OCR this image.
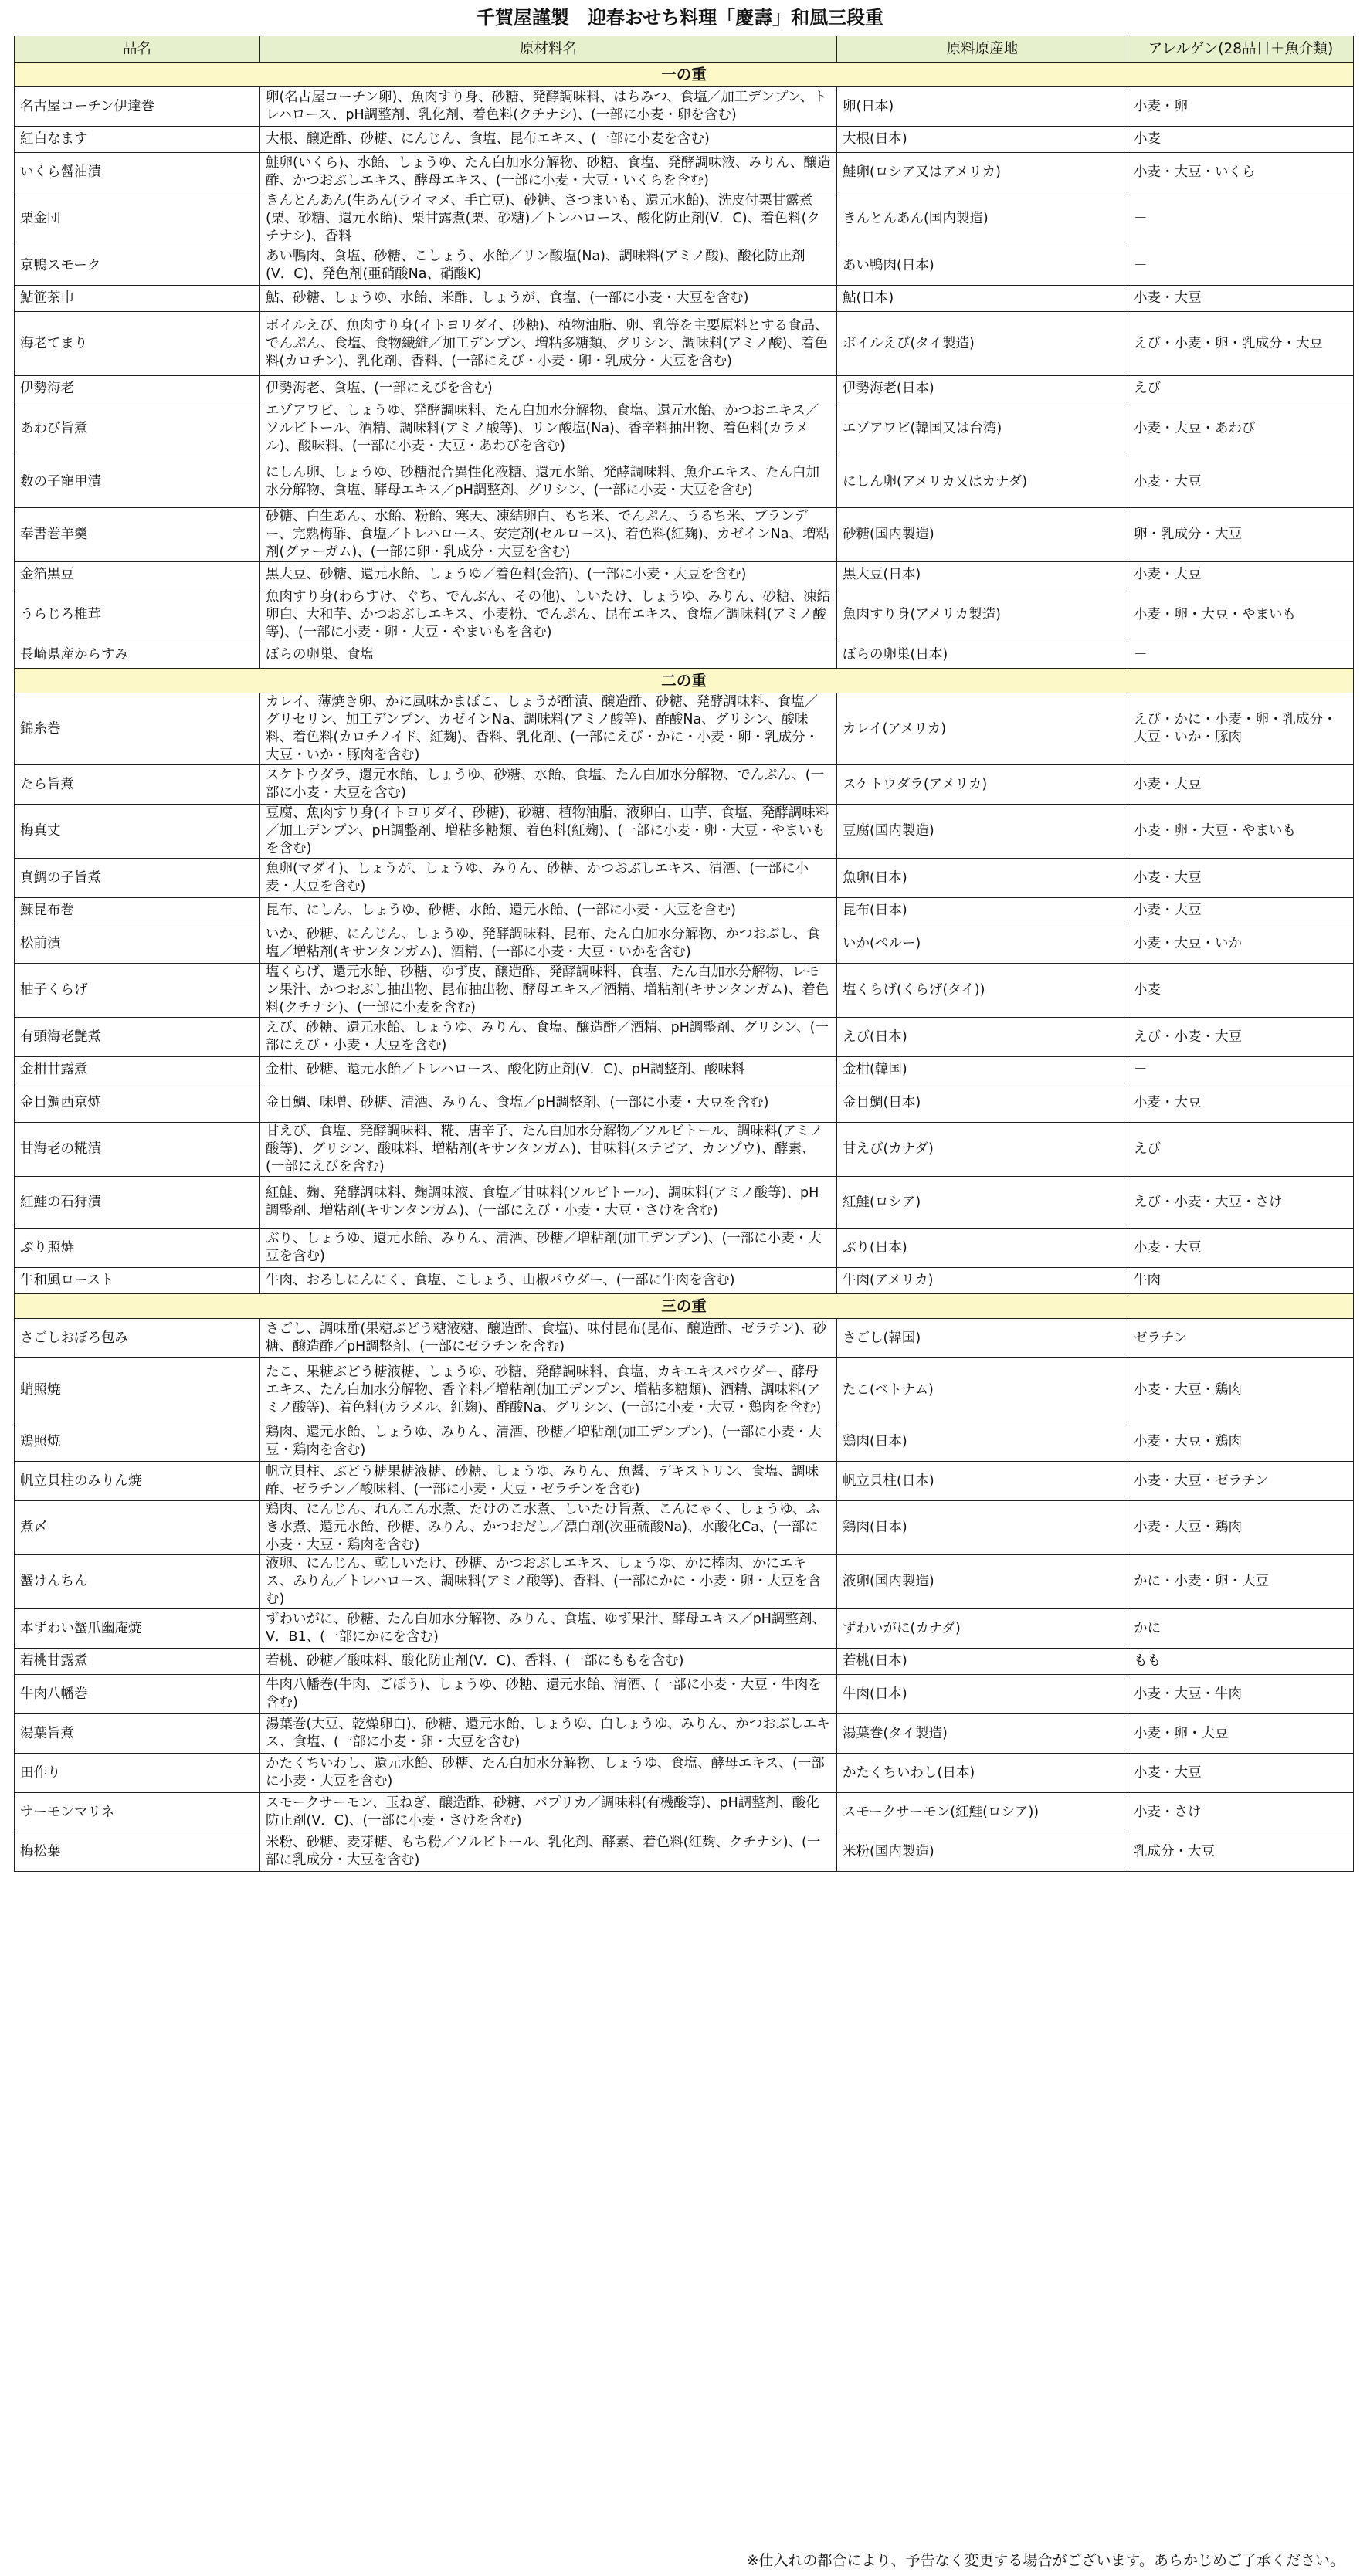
千賀屋謹製　迎春おせち料理「慶壽」和風三段重
品名	原材料名	原料原産地	アレルゲン(28品目＋魚介類)
一の重			
名古屋コーチン伊達巻	卵(名古屋コーチン卵)、魚肉すり身、砂糖、発酵調味料、はちみつ、食塩／加工デンプン、トレハロース、pH調整剤、乳化剤、着色料(クチナシ)、(一部に小麦・卵を含む)	卵(日本)	小麦・卵
紅白なます	大根、醸造酢、砂糖、にんじん、食塩、昆布エキス、(一部に小麦を含む)	大根(日本)	小麦
いくら醤油漬	鮭卵(いくら)、水飴、しょうゆ、たん白加水分解物、砂糖、食塩、発酵調味液、みりん、醸造酢、かつおぶしエキス、酵母エキス、(一部に小麦・大豆・いくらを含む)	鮭卵(ロシア又はアメリカ)	小麦・大豆・いくら
栗金団	きんとんあん(生あん(ライマメ、手亡豆)、砂糖、さつまいも、還元水飴)、洗皮付栗甘露煮(栗、砂糖、還元水飴)、栗甘露煮(栗、砂糖)／トレハロース、酸化防止剤(V．C)、着色料(クチナシ)、香料	きんとんあん(国内製造)	－
京鴨スモーク	あい鴨肉、食塩、砂糖、こしょう、水飴／リン酸塩(Na)、調味料(アミノ酸)、酸化防止剤(V．C)、発色剤(亜硝酸Na、硝酸K)	あい鴨肉(日本)	－
鮎笹茶巾	鮎、砂糖、しょうゆ、水飴、米酢、しょうが、食塩、(一部に小麦・大豆を含む)	鮎(日本)	小麦・大豆
海老てまり	ボイルえび、魚肉すり身(イトヨリダイ、砂糖)、植物油脂、卵、乳等を主要原料とする食品、でんぷん、食塩、食物繊維／加工デンプン、増粘多糖類、グリシン、調味料(アミノ酸)、着色料(カロチン)、乳化剤、香料、(一部にえび・小麦・卵・乳成分・大豆を含む)	ボイルえび(タイ製造)	えび・小麦・卵・乳成分・大豆
伊勢海老	伊勢海老、食塩、(一部にえびを含む)	伊勢海老(日本)	えび
あわび旨煮	エゾアワビ、しょうゆ、発酵調味料、たん白加水分解物、食塩、還元水飴、かつおエキス／ソルビトール、酒精、調味料(アミノ酸等)、リン酸塩(Na)、香辛料抽出物、着色料(カラメル)、酸味料、(一部に小麦・大豆・あわびを含む)	エゾアワビ(韓国又は台湾)	小麦・大豆・あわび
数の子寵甲漬	にしん卵、しょうゆ、砂糖混合異性化液糖、還元水飴、発酵調味料、魚介エキス、たん白加水分解物、食塩、酵母エキス／pH調整剤、グリシン、(一部に小麦・大豆を含む)	にしん卵(アメリカ又はカナダ)	小麦・大豆
奉書巻羊羹	砂糖、白生あん、水飴、粉飴、寒天、凍結卵白、もち米、でんぷん、うるち米、ブランデー、完熟梅酢、食塩／トレハロース、安定剤(セルロース)、着色料(紅麹)、カゼインNa、増粘剤(グァーガム)、(一部に卵・乳成分・大豆を含む)	砂糖(国内製造)	卵・乳成分・大豆
金箔黒豆	黒大豆、砂糖、還元水飴、しょうゆ／着色料(金箔)、(一部に小麦・大豆を含む)	黒大豆(日本)	小麦・大豆
うらじろ椎茸	魚肉すり身(わらすけ、ぐち、でんぷん、その他)、しいたけ、しょうゆ、みりん、砂糖、凍結卵白、大和芋、かつおぶしエキス、小麦粉、でんぷん、昆布エキス、食塩／調味料(アミノ酸等)、(一部に小麦・卵・大豆・やまいもを含む)	魚肉すり身(アメリカ製造)	小麦・卵・大豆・やまいも
長崎県産からすみ	ぼらの卵巣、食塩	ぼらの卵巣(日本)	－
二の重			
錦糸巻	カレイ、薄焼き卵、かに風味かまぼこ、しょうが酢漬、醸造酢、砂糖、発酵調味料、食塩／グリセリン、加工デンプン、カゼインNa、調味料(アミノ酸等)、酢酸Na、グリシン、酸味料、着色料(カロチノイド、紅麹)、香料、乳化剤、(一部にえび・かに・小麦・卵・乳成分・大豆・いか・豚肉を含む)	カレイ(アメリカ)	えび・かに・小麦・卵・乳成分・大豆・いか・豚肉
たら旨煮	スケトウダラ、還元水飴、しょうゆ、砂糖、水飴、食塩、たん白加水分解物、でんぷん、(一部に小麦・大豆を含む)	スケトウダラ(アメリカ)	小麦・大豆
梅真丈	豆腐、魚肉すり身(イトヨリダイ、砂糖)、砂糖、植物油脂、液卵白、山芋、食塩、発酵調味料／加工デンプン、pH調整剤、増粘多糖類、着色料(紅麹)、(一部に小麦・卵・大豆・やまいもを含む)	豆腐(国内製造)	小麦・卵・大豆・やまいも
真鯛の子旨煮	魚卵(マダイ)、しょうが、しょうゆ、みりん、砂糖、かつおぶしエキス、清酒、(一部に小麦・大豆を含む)	魚卵(日本)	小麦・大豆
鰊昆布巻	昆布、にしん、しょうゆ、砂糖、水飴、還元水飴、(一部に小麦・大豆を含む)	昆布(日本)	小麦・大豆
松前漬	いか、砂糖、にんじん、しょうゆ、発酵調味料、昆布、たん白加水分解物、かつおぶし、食塩／増粘剤(キサンタンガム)、酒精、(一部に小麦・大豆・いかを含む)	いか(ペルー)	小麦・大豆・いか
柚子くらげ	塩くらげ、還元水飴、砂糖、ゆず皮、醸造酢、発酵調味料、食塩、たん白加水分解物、レモン果汁、かつおぶし抽出物、昆布抽出物、酵母エキス／酒精、増粘剤(キサンタンガム)、着色料(クチナシ)、(一部に小麦を含む)	塩くらげ(くらげ(タイ))	小麦
有頭海老艶煮	えび、砂糖、還元水飴、しょうゆ、みりん、食塩、醸造酢／酒精、pH調整剤、グリシン、(一部にえび・小麦・大豆を含む)	えび(日本)	えび・小麦・大豆
金柑甘露煮	金柑、砂糖、還元水飴／トレハロース、酸化防止剤(V．C)、pH調整剤、酸味料	金柑(韓国)	－
金目鯛西京焼	金目鯛、味噌、砂糖、清酒、みりん、食塩／pH調整剤、(一部に小麦・大豆を含む)	金目鯛(日本)	小麦・大豆
甘海老の糀漬	甘えび、食塩、発酵調味料、糀、唐辛子、たん白加水分解物／ソルビトール、調味料(アミノ酸等)、グリシン、酸味料、増粘剤(キサンタンガム)、甘味料(ステビア、カンゾウ)、酵素、(一部にえびを含む)	甘えび(カナダ)	えび
紅鮭の石狩漬	紅鮭、麹、発酵調味料、麹調味液、食塩／甘味料(ソルビトール)、調味料(アミノ酸等)、pH調整剤、増粘剤(キサンタンガム)、(一部にえび・小麦・大豆・さけを含む)	紅鮭(ロシア)	えび・小麦・大豆・さけ
ぶり照焼	ぶり、しょうゆ、還元水飴、みりん、清酒、砂糖／増粘剤(加工デンプン)、(一部に小麦・大豆を含む)	ぶり(日本)	小麦・大豆
牛和風ロースト	牛肉、おろしにんにく、食塩、こしょう、山椒パウダー、(一部に牛肉を含む)	牛肉(アメリカ)	牛肉
三の重			
さごしおぼろ包み	さごし、調味酢(果糖ぶどう糖液糖、醸造酢、食塩)、味付昆布(昆布、醸造酢、ゼラチン)、砂糖、醸造酢／pH調整剤、(一部にゼラチンを含む)	さごし(韓国)	ゼラチン
蛸照焼	たこ、果糖ぶどう糖液糖、しょうゆ、砂糖、発酵調味料、食塩、カキエキスパウダー、酵母エキス、たん白加水分解物、香辛料／増粘剤(加工デンプン、増粘多糖類)、酒精、調味料(アミノ酸等)、着色料(カラメル、紅麹)、酢酸Na、グリシン、(一部に小麦・大豆・鶏肉を含む)	たこ(ベトナム)	小麦・大豆・鶏肉
鶏照焼	鶏肉、還元水飴、しょうゆ、みりん、清酒、砂糖／増粘剤(加工デンプン)、(一部に小麦・大豆・鶏肉を含む)	鶏肉(日本)	小麦・大豆・鶏肉
帆立貝柱のみりん焼	帆立貝柱、ぶどう糖果糖液糖、砂糖、しょうゆ、みりん、魚醤、デキストリン、食塩、調味酢、ゼラチン／酸味料、(一部に小麦・大豆・ゼラチンを含む)	帆立貝柱(日本)	小麦・大豆・ゼラチン
煮〆	鶏肉、にんじん、れんこん水煮、たけのこ水煮、しいたけ旨煮、こんにゃく、しょうゆ、ふき水煮、還元水飴、砂糖、みりん、かつおだし／漂白剤(次亜硫酸Na)、水酸化Ca、(一部に小麦・大豆・鶏肉を含む)	鶏肉(日本)	小麦・大豆・鶏肉
蟹けんちん	液卵、にんじん、乾しいたけ、砂糖、かつおぶしエキス、しょうゆ、かに棒肉、かにエキス、みりん／トレハロース、調味料(アミノ酸等)、香料、(一部にかに・小麦・卵・大豆を含む)	液卵(国内製造)	かに・小麦・卵・大豆
本ずわい蟹爪幽庵焼	ずわいがに、砂糖、たん白加水分解物、みりん、食塩、ゆず果汁、酵母エキス／pH調整剤、V．B1、(一部にかにを含む)	ずわいがに(カナダ)	かに
若桃甘露煮	若桃、砂糖／酸味料、酸化防止剤(V．C)、香料、(一部にももを含む)	若桃(日本)	もも
牛肉八幡巻	牛肉八幡巻(牛肉、ごぼう)、しょうゆ、砂糖、還元水飴、清酒、(一部に小麦・大豆・牛肉を含む)	牛肉(日本)	小麦・大豆・牛肉
湯葉旨煮	湯葉巻(大豆、乾燥卵白)、砂糖、還元水飴、しょうゆ、白しょうゆ、みりん、かつおぶしエキス、食塩、(一部に小麦・卵・大豆を含む)	湯葉巻(タイ製造)	小麦・卵・大豆
田作り	かたくちいわし、還元水飴、砂糖、たん白加水分解物、しょうゆ、食塩、酵母エキス、(一部に小麦・大豆を含む)	かたくちいわし(日本)	小麦・大豆
サーモンマリネ	スモークサーモン、玉ねぎ、醸造酢、砂糖、パプリカ／調味料(有機酸等)、pH調整剤、酸化防止剤(V．C)、(一部に小麦・さけを含む)	スモークサーモン(紅鮭(ロシア))	小麦・さけ
梅松葉	米粉、砂糖、麦芽糖、もち粉／ソルビトール、乳化剤、酵素、着色料(紅麹、クチナシ)、(一部に乳成分・大豆を含む)	米粉(国内製造)	乳成分・大豆
※仕入れの都合により、予告なく変更する場合がございます。あらかじめご了承ください。
